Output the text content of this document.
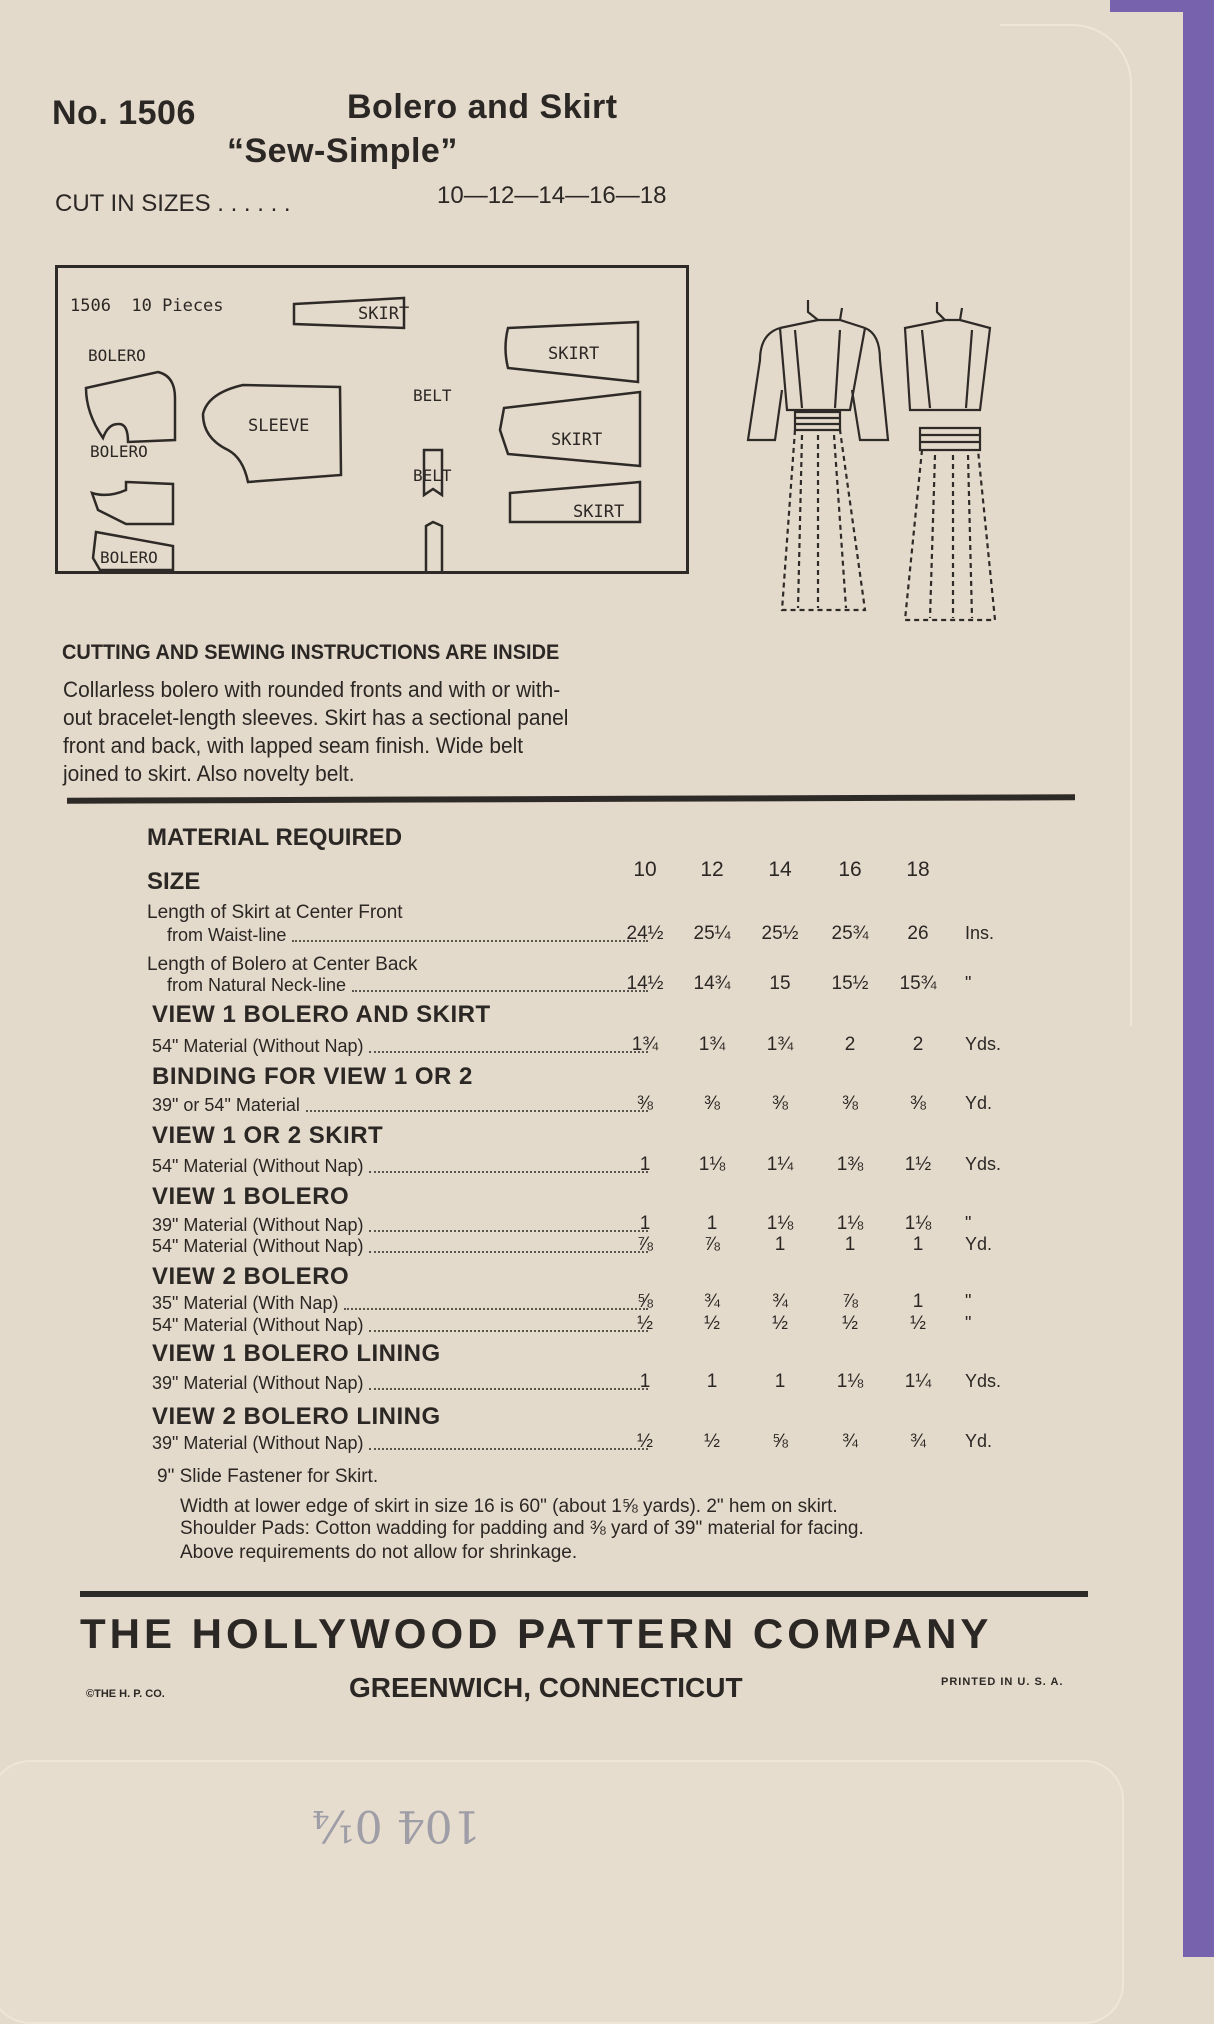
No. 1506	Bolero and Skirt
“Sew-Simple”
CUT IN SIZES . . . . . .	10—12—14—16—18
1506  10 Pieces	SKIRT
BOLERO	SKIRT
SLEEVE
BELT
BOLERO
SKIRT
BELT
SKIRT
BOLERO
CUTTING AND SEWING INSTRUCTIONS ARE INSIDE
Collarless bolero with rounded fronts and with or with-
out bracelet-length sleeves. Skirt has a sectional panel
front and back, with lapped seam finish. Wide belt
joined to skirt. Also novelty belt.
MATERIAL REQUIRED
SIZE	10	12	14	16	18
Length of Skirt at Center Front
from Waist-line	24½	25¼	25½	25¾	26	Ins.
Length of Bolero at Center Back
from Natural Neck-line	14½	14¾	15	15½	15¾	"
VIEW 1 BOLERO AND SKIRT
54" Material (Without Nap)	1¾	1¾	1¾	2	2	Yds.
BINDING FOR VIEW 1 OR 2
39" or 54" Material	⅜	⅜	⅜	⅜	⅜	Yd.
VIEW 1 OR 2 SKIRT
54" Material (Without Nap)	1	1⅛	1¼	1⅜	1½	Yds.
VIEW 1 BOLERO
39" Material (Without Nap)	1	1	1⅛	1⅛	1⅛	"
54" Material (Without Nap)	⅞	⅞	1	1	1	Yd.
VIEW 2 BOLERO
35" Material (With Nap)	⅝	¾	¾	⅞	1	"
54" Material (Without Nap)	½	½	½	½	½	"
VIEW 1 BOLERO LINING
39" Material (Without Nap)	1	1	1	1⅛	1¼	Yds.
VIEW 2 BOLERO LINING
39" Material (Without Nap)	½	½	⅝	¾	¾	Yd.
9" Slide Fastener for Skirt.
Width at lower edge of skirt in size 16 is 60" (about 1⅝ yards). 2" hem on skirt.
Shoulder Pads: Cotton wadding for padding and ⅜ yard of 39" material for facing.
Above requirements do not allow for shrinkage.
THE HOLLYWOOD PATTERN COMPANY
©THE H. P. CO.	GREENWICH, CONNECTICUT	PRINTED IN U. S. A.
104 0¼
